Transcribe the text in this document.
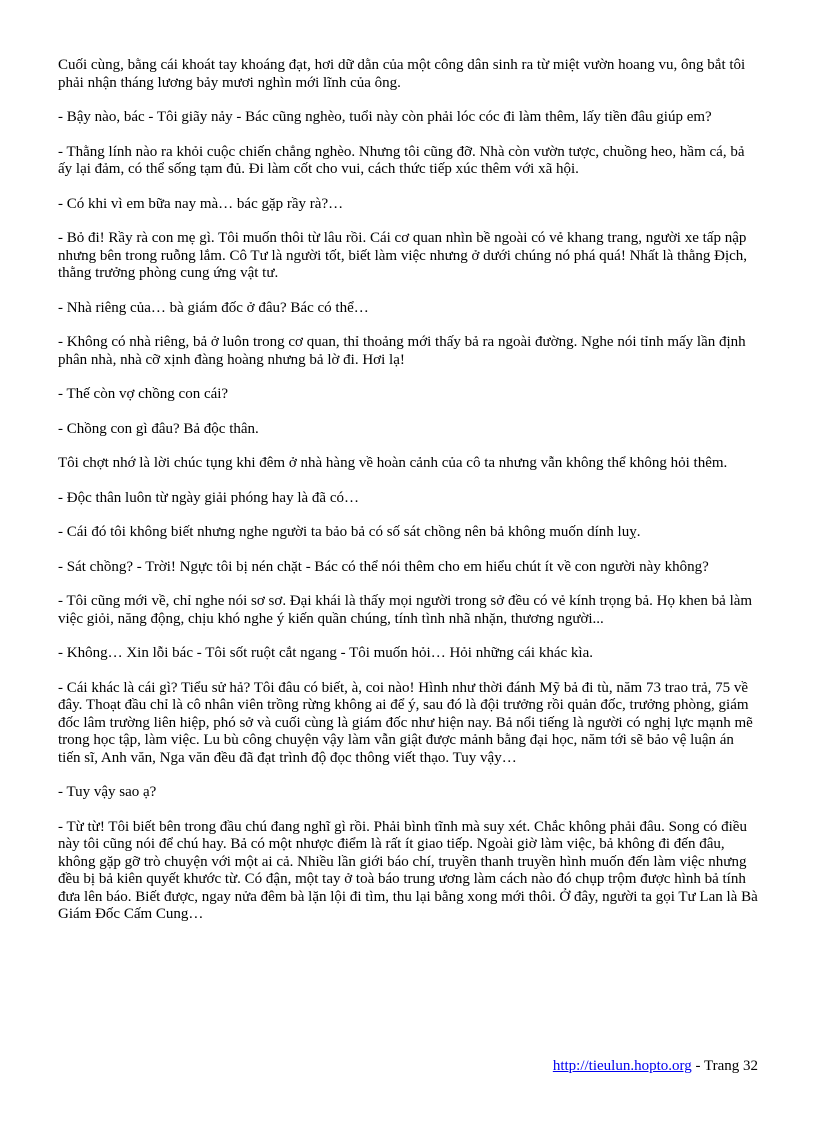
Cuối cùng, bằng cái khoát tay khoáng đạt, hơi dữ dằn của một công dân sinh ra từ miệt vườn hoang vu, ông bắt tôi phải nhận tháng lương bảy mươi nghìn mới lĩnh của ông.

- Bậy nào, bác - Tôi giãy nảy - Bác cũng nghèo, tuổi này còn phải lóc cóc đi làm thêm, lấy tiền đâu giúp em?

- Thằng lính nào ra khỏi cuộc chiến chẳng nghèo. Nhưng tôi cũng đỡ. Nhà còn vườn tược, chuồng heo, hầm cá, bả ấy lại đảm, có thể sống tạm đủ. Đi làm cốt cho vui, cách thức tiếp xúc thêm với xã hội.

- Có khi vì em bữa nay mà… bác gặp rầy rà?…

- Bỏ đi! Rầy rà con mẹ gì. Tôi muốn thôi từ lâu rồi. Cái cơ quan nhìn bề ngoài có vẻ khang trang, người xe tấp nập nhưng bên trong ruỗng lắm. Cô Tư là người tốt, biết làm việc nhưng ở dưới chúng nó phá quá! Nhất là thằng Địch, thằng trưởng phòng cung ứng vật tư.

- Nhà riêng của… bà giám đốc ở đâu? Bác có thể…

- Không có nhà riêng, bả ở luôn trong cơ quan, thỉ thoảng mới thấy bả ra ngoài đường. Nghe nói tỉnh mấy lần định phân nhà, nhà cỡ xịnh đàng hoàng nhưng bả lờ đi. Hơi lạ!

- Thế còn vợ chồng con cái?

- Chồng con gì đâu? Bả độc thân.

Tôi chợt nhớ là lời chúc tụng khi đêm ở nhà hàng về hoàn cảnh của cô ta nhưng vẫn không thể không hỏi thêm.

- Độc thân luôn từ ngày giải phóng hay là đã có…

- Cái đó tôi không biết nhưng nghe người ta bảo bả có số sát chồng nên bả không muốn dính luỵ.

- Sát chồng? - Trời! Ngực tôi bị nén chặt - Bác có thể nói thêm cho em hiểu chút ít về con người này không?

- Tôi cũng mới về, chỉ nghe nói sơ sơ. Đại khái là thấy mọi người trong sở đều có vẻ kính trọng bả. Họ khen bả làm việc giỏi, năng động, chịu khó nghe ý kiến quần chúng, tính tình nhã nhặn, thương người...

- Không… Xin lỗi bác - Tôi sốt ruột cắt ngang - Tôi muốn hỏi… Hỏi những cái khác kìa.

- Cái khác là cái gì? Tiểu sử hả? Tôi đâu có biết, à, coi nào! Hình như thời đánh Mỹ bả đi tù, năm 73 trao trả, 75 về đây. Thoạt đầu chỉ là cô nhân viên trồng rừng không ai để ý, sau đó là đội trưởng rồi quản đốc, trưởng phòng, giám đốc lâm trường liên hiệp, phó sở và cuối cùng là giám đốc như hiện nay. Bả nổi tiếng là người có nghị lực mạnh mẽ trong học tập, làm việc. Lu bù công chuyện vậy làm vẫn giật được mảnh bằng đại học, năm tới sẽ bảo vệ luận án tiến sĩ, Anh văn, Nga văn đều đã đạt trình độ đọc thông viết thạo. Tuy vậy…

- Tuy vậy sao ạ?

- Từ từ! Tôi biết bên trong đầu chú đang nghĩ gì rồi. Phải bình tĩnh mà suy xét. Chắc không phải đâu. Song có điều này tôi cũng nói để chú hay. Bả có một nhược điểm là rất ít giao tiếp. Ngoài giờ làm việc, bả không đi đến đâu, không gặp gỡ trò chuyện với một ai cả. Nhiều lần giới báo chí, truyền thanh truyền hình muốn đến làm việc nhưng đều bị bả kiên quyết khước từ. Có đận, một tay ở toà báo trung ương làm cách nào đó chụp trộm được hình bả tính đưa lên báo. Biết được, ngay nửa đêm bà lặn lội đi tìm, thu lại bằng xong mới thôi. Ở đây, người ta gọi Tư Lan là Bà Giám Đốc Cấm Cung…

http://tieulun.hopto.org - Trang 32
